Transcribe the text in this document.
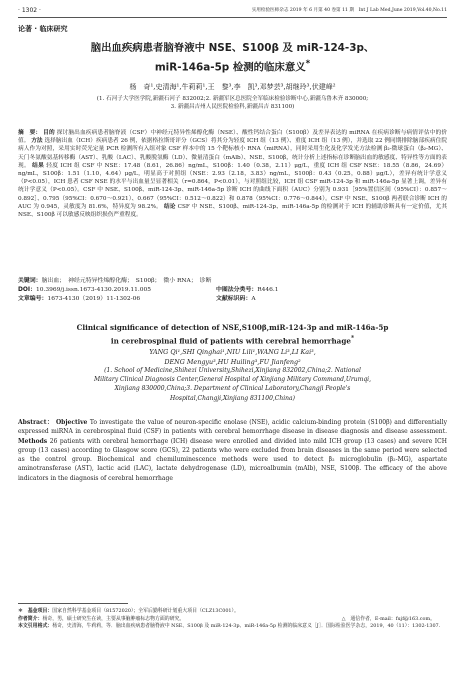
· 1302 ·	实用检验医师杂志 2019 年 6 月第 40 卷第 11 期　Int J Lab Med,June 2019,Vol.40,No.11
论著 · 临床研究
脑出血疾病患者脑脊液中 NSE、S100β 及 miR-124-3p、
miR-146a-5p 检测的临床意义*
杨　奇¹,史清海¹,牛莉莉¹,王　黎³,李　凯³,邓梦芸³,胡继玲³,伏建峰²
(1. 石河子大学医学院,新疆石河子 832002;2. 新疆军区总医院全军临床检验诊断中心,新疆乌鲁木齐 830000;
3. 新疆昌吉州人民医院检验科,新疆昌吉 831100)
摘　要： 目的 探讨脑出血疾病患者脑脊液（CSF）中神经元特异性烯醇化酶（NSE）、酸性钙结合蛋白（S100β）及差异表达的 miRNA 在疾病诊断与病情评估中的价值。 方法 选择脑出血（ICH）疾病患者 26 例，依据格拉斯哥评分（GCS）将其分为轻度 ICH 组（13 例）、重度 ICH 组（13 例），并选取 22 例同期排除脑部疾病住院病人作为对照，采用实时荧光定量 PCR 检测所有入组对象 CSF 样本中的 15 个靶标核小 RNA（miRNA），同时采用生化及化学发光方法检测 β₂-微球蛋白（β₂-MG）、天门冬氨酸氨基转移酶（AST）、乳酸（LAC）、乳酸脱氢酶（LD）、微量清蛋白（mAlb）、NSE、S100β，统计分析上述指标在诊断脑出血的敏感度、特异性等方面的表现。 结果 轻度 ICH 组 CSF 中 NSE：17.48（8.61，26.86）ng/mL，S100β：1.40（0.38，2.11）μg/L，重度 ICH 组 CSF NSE：18.55（8.86，24.69）ng/mL，S100β：1.51（1.10，4.64）μg/L，明显高于对照组（NSE：2.93（2.18，3.83）ng/mL，S100β：0.43（0.25，0.88）μg/L），差异有统计学意义（P<0.05），ICH 患者 CSF NSE 的水平与出血量呈显著相关（r=0.864，P<0.01），与对照组比较，ICH 组 CSF miR-124-3p 和 miR-146a-5p 显著上调，差异有统计学意义（P<0.05）。CSF 中 NSE、S100β、miR-124-3p、miR-146a-5p 诊断 ICH 的曲线下面积（AUC）分别为 0.931［95%置信区间（95%CI）：0.857～0.892］、0.795（95%CI：0.670～0.921）、0.667（95%CI：0.512～0.822）和 0.878（95%CI：0.776～0.844）。CSF 中 NSE、S100β 两者联合诊断 ICH 的 AUC 为 0.945，灵敏度为 81.6%，特异度为 98.2%。 结论 CSF 中 NSE、S100β、miR-124-3p、miR-146a-5p 的检测对于 ICH 的辅助诊断具有一定价值，尤其 NSE、S100β 可以敏感反映组织损伤严重程度。
关键词：脑出血；　神经元特异性烯醇化酶；　S100β；　微小 RNA；　诊断
DOI：10.3969/j.issn.1673-4130.2019.11.005	中图法分类号：R446.1
文章编号：1673-4130（2019）11-1302-06	文献标识码：A
Clinical significance of detection of NSE,S100β,miR-124-3p and miR-146a-5p
in cerebrospinal fluid of patients with cerebral hemorrhage*
YANG Qi¹,SHI Qinghai¹,NIU Lili¹,WANG Li³,LI Kai³,
DENG Mengyu³,HU Huiling³,FU Jianfeng²
(1. School of Medicine,Shihezi University,Shihezi,Xinjiang 832002,China;2. National
Military Clinical Diagnosis Center,General Hospital of Xinjiang Military Command,Urumqi,
Xinjiang 830000,China;3. Department of Clinical Laboratory,Changji People's
Hospital,Changji,Xinjiang 831100,China)
Abstract： Objective To investigate the value of neuron-specific enolase (NSE), acidic calcium-binding protein (S100β) and differentially expressed miRNA in cerebrospinal fluid (CSF) in patients with cerebral hemorrhage disease in disease diagnosis and disease assessment. Methods 26 patients with cerebral hemorrhage (ICH) disease were enrolled and divided into mild ICH group (13 cases) and severe ICH group (13 cases) according to Glasgow score (GCS), 22 patients who were excluded from brain diseases in the same period were selected as the control group. Biochemical and chemiluminescence methods were used to detect β₂ microglobulin (β₂-MG), aspartate aminotransferase (AST), lactic acid (LAC), lactate dehydrogenase (LD), microalbumin (mAlb), NSE, S100β. The efficacy of the above indicators in the diagnosis of cerebral hemorrhage
＊　基金项目：国家自然科学基金项目（81572020）；全军后勤科研计划重大项目（CLZ13C001）。
作者简介：杨奇，男，硕士研究生在读，主要从事脑肿瘤标志物方面的研究。	△　通信作者，E-mail：fujf@163.com。
本文引用格式：杨奇，史清海，牛莉莉，等．脑出血疾病患者脑脊液中 NSE、S100β 及 miR-124-3p、miR-146a-5p 检测的临床意义［J］．国际检验医学杂志，2019，40（11）：1302-1307.
